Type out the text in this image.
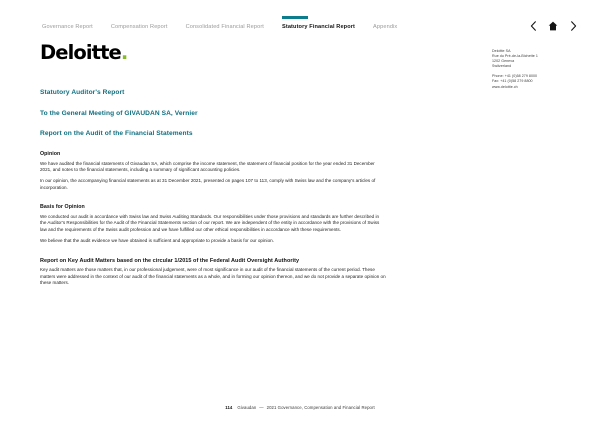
Governance Report	Compensation Report	Consolidated Financial Report	Statutory Financial Report	Appendix
Deloitte.	Deloitte SA
Rue du Pré-de-la-Bichette 1
1202 Geneva
Switzerland
Phone: +41 (0)58 279 8000
Fax: +41 (0)58 279 8800
www.deloitte.ch
Statutory Auditor's Report
To the General Meeting of GIVAUDAN SA, Vernier
Report on the Audit of the Financial Statements
Opinion

We have audited the financial statements of Givaudan SA, which comprise the income statement, the statement of financial position for the year ended 31 December 2021, and notes to the financial statements, including a summary of significant accounting policies.

In our opinion, the accompanying financial statements as at 31 December 2021, presented on pages 107 to 113, comply with Swiss law and the company's articles of incorporation.

Basis for Opinion

We conducted our audit in accordance with Swiss law and Swiss Auditing Standards. Our responsibilities under those provisions and standards are further described in the Auditor's Responsibilities for the Audit of the Financial Statements section of our report. We are independent of the entity in accordance with the provisions of Swiss law and the requirements of the Swiss audit profession and we have fulfilled our other ethical responsibilities in accordance with these requirements.

We believe that the audit evidence we have obtained is sufficient and appropriate to provide a basis for our opinion.

Report on Key Audit Matters based on the circular 1/2015 of the Federal Audit Oversight Authority

Key audit matters are those matters that, in our professional judgement, were of most significance in our audit of the financial statements of the current period. These matters were addressed in the context of our audit of the financial statements as a whole, and in forming our opinion thereon, and we do not provide a separate opinion on these matters.

114 Givaudan — 2021 Governance, Compensation and Financial Report
